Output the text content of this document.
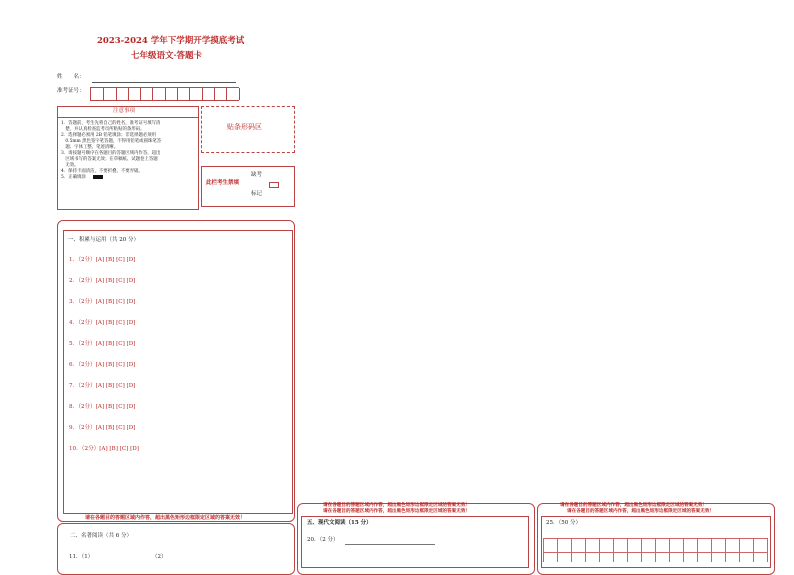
2023-2024 学年下学期开学摸底考试
七年级语文·答题卡
姓　　名：
准考证号：
注意事项
1．答题前，考生先将自己的姓名，准考证号填写清
　楚，并认真检查监考员所粘贴的条形码。
2．选择题必须用 2B 铅笔填涂；非选择题必须用
　0.5mm 黑色签字笔答题，不得用铅笔或圆珠笔答
　题；字体工整、笔迹清晰。
3．请按题号顺序在各题目的答题区域内作答，超出
　区域书写的答案无效；在草稿纸、试题卷上答题
　无效。
4．保持卡面清洁，不要折叠、不要弄破。
5．正确填涂
贴条形码区
缺考
此栏考生禁填
标记
一、积累与运用（共 20 分）
1．（2分）[A] [B] [C] [D]
2．（2分）[A] [B] [C] [D]
3．（2分）[A] [B] [C] [D]
4．（2分）[A] [B] [C] [D]
5．（2分）[A] [B] [C] [D]
6．（2分）[A] [B] [C] [D]
7．（2分）[A] [B] [C] [D]
8．（2分）[A] [B] [C] [D]
9．（2分）[A] [B] [C] [D]
10．（2分）[A] [B] [C] [D]
请在各题目的答题区域内作答，超出黑色矩形边框限定区域的答案无效！
二、名著阅读（共 6 分）
11．（1）	（2）
请在各题目的答题区域内作答，超出黑色矩形边框限定区域的答案无效！
请在各题目的答题区域内作答，超出黑色矩形边框限定区域的答案无效！
五、现代文阅读（15 分）
20．（2 分）
请在各题目的答题区域内作答，超出黑色矩形边框限定区域的答案无效！
请在各题目的答题区域内作答，超出黑色矩形边框限定区域的答案无效！
25．（50 分）
